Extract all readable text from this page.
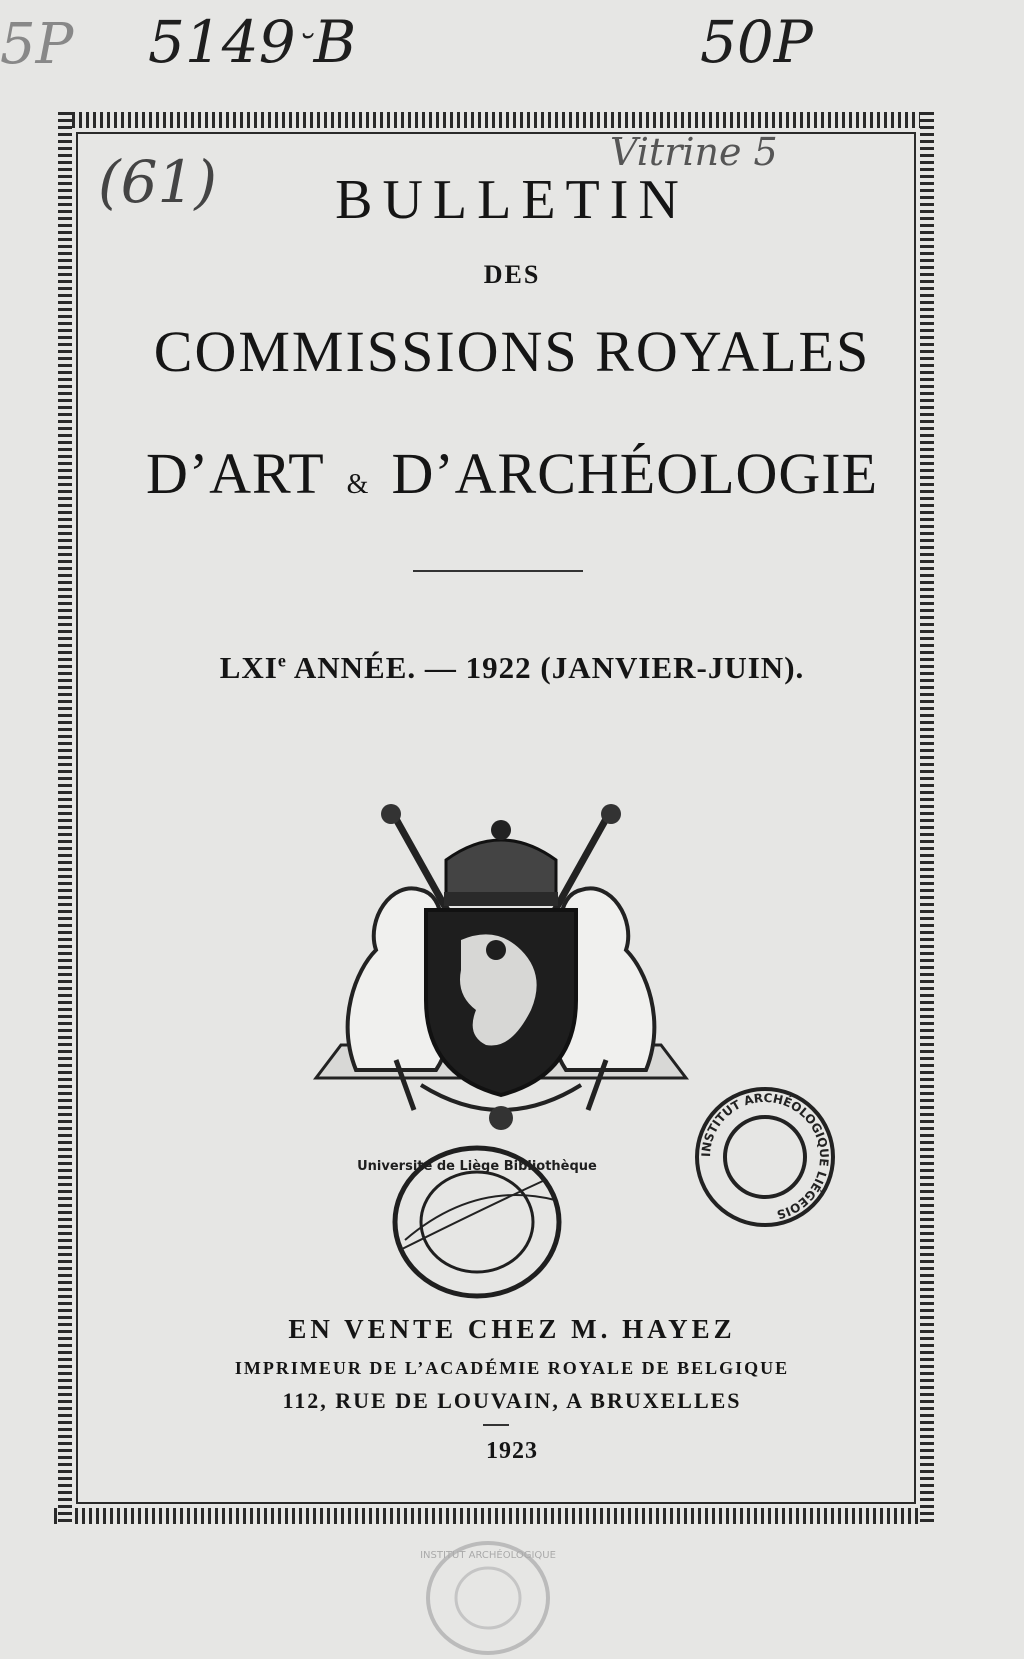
5149˘B
5P	50P
Vitrine 5
(61)	BULLETIN
DES
COMMISSIONS ROYALES
D’ART & D’ARCHÉOLOGIE
LXIe ANNÉE. — 1922 (JANVIER-JUIN).
Université de Liège Bibliothèque
INSTITUT ARCHÉOLOGIQUE LIÉGEOIS
INSTITUT ARCHÉOLOGIQUE
EN VENTE CHEZ M. HAYEZ
IMPRIMEUR DE L’ACADÉMIE ROYALE DE BELGIQUE
112, RUE DE LOUVAIN, A BRUXELLES
1923
